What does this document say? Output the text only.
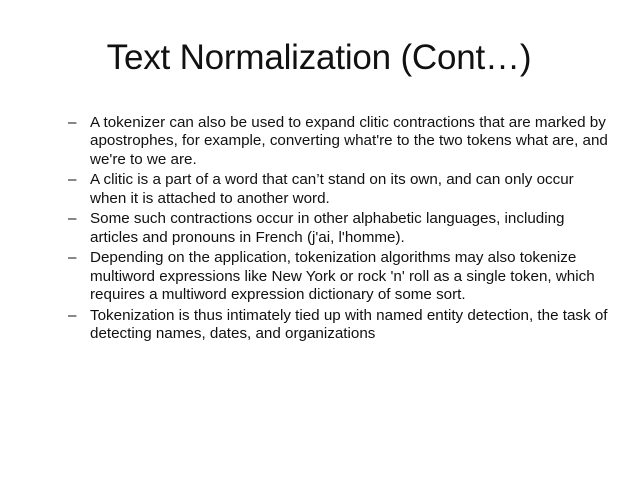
Text Normalization (Cont…)
– A tokenizer can also be used to expand clitic contractions that are marked by apostrophes, for example, converting what're to the two tokens what are, and we're to we are.
– A clitic is a part of a word that can’t stand on its own, and can only occur when it is attached to another word.
– Some such contractions occur in other alphabetic languages, including articles and pronouns in French (j'ai, l'homme).
– Depending on the application, tokenization algorithms may also tokenize multiword expressions like New York or rock 'n' roll as a single token, which requires a multiword expression dictionary of some sort.
– Tokenization is thus intimately tied up with named entity detection, the task of detecting names, dates, and organizations
